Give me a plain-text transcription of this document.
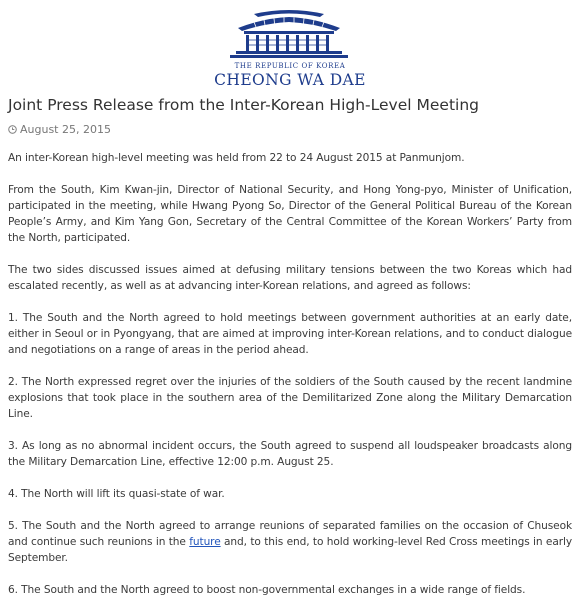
THE REPUBLIC OF KOREA
CHEONG WA DAE
Joint Press Release from the Inter-Korean High-Level Meeting
August 25, 2015

An inter-Korean high-level meeting was held from 22 to 24 August 2015 at Panmunjom.

From the South, Kim Kwan-jin, Director of National Security, and Hong Yong-pyo, Minister of Unification, participated in the meeting, while Hwang Pyong So, Director of the General Political Bureau of the Korean People’s Army, and Kim Yang Gon, Secretary of the Central Committee of the Korean Workers’ Party from the North, participated.

The two sides discussed issues aimed at defusing military tensions between the two Koreas which had escalated recently, as well as at advancing inter-Korean relations, and agreed as follows:

1. The South and the North agreed to hold meetings between government authorities at an early date, either in Seoul or in Pyongyang, that are aimed at improving inter-Korean relations, and to conduct dialogue and negotiations on a range of areas in the period ahead.

2. The North expressed regret over the injuries of the soldiers of the South caused by the recent landmine explosions that took place in the southern area of the Demilitarized Zone along the Military Demarcation Line.

3. As long as no abnormal incident occurs, the South agreed to suspend all loudspeaker broadcasts along the Military Demarcation Line, effective 12:00 p.m. August 25.

4. The North will lift its quasi-state of war.

5. The South and the North agreed to arrange reunions of separated families on the occasion of Chuseok and continue such reunions in the future and, to this end, to hold working-level Red Cross meetings in early September.

6. The South and the North agreed to boost non-governmental exchanges in a wide range of fields.
